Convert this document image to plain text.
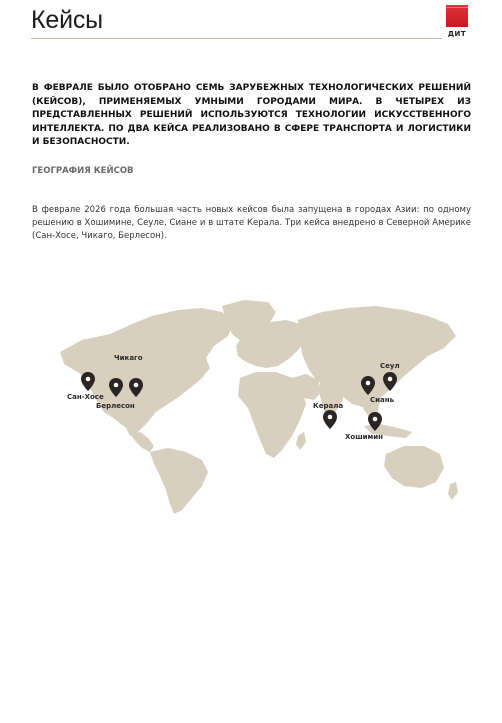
Кейсы	ДИТ
В ФЕВРАЛЕ БЫЛО ОТОБРАНО СЕМЬ ЗАРУБЕЖНЫХ ТЕХНОЛОГИЧЕСКИХ РЕШЕНИЙ (КЕЙСОВ), ПРИМЕНЯЕМЫХ УМНЫМИ ГОРОДАМИ МИРА. В ЧЕТЫРЕХ ИЗ ПРЕДСТАВЛЕННЫХ РЕШЕНИЙ ИСПОЛЬЗУЮТСЯ ТЕХНОЛОГИИ ИСКУССТВЕННОГО ИНТЕЛЛЕКТА. ПО ДВА КЕЙСА РЕАЛИЗОВАНО В СФЕРЕ ТРАНСПОРТА И ЛОГИСТИКИ И БЕЗОПАСНОСТИ.
ГЕОГРАФИЯ КЕЙСОВ
В феврале 2026 года большая часть новых кейсов была запущена в городах Азии: по одному решению в Хошимине, Сеуле, Сиане и в штате Керала. Три кейса внедрено в Северной Америке (Сан-Хосе, Чикаго, Берлесон).
Чикаго
Сан-Хосе
Берлесон
Сеул
Сиань
Керала
Хошимин
